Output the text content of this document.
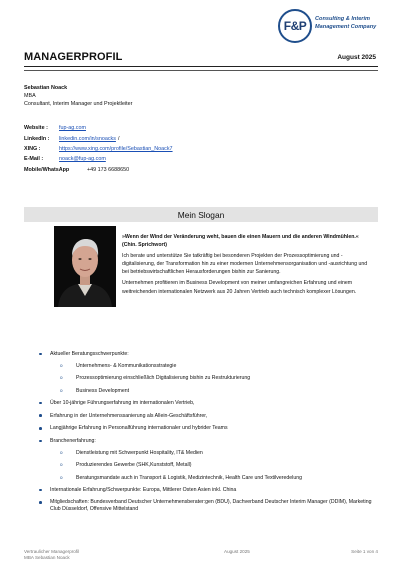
F&P Consulting & Interim
Management Company
MANAGERPROFIL	August 2025
Sebastian Noack
MBA
Consultant, Interim Manager und Projektleiter
Website :	fup-ag.com
LinkedIn :	linkedin.com/in/snoacks /
XING :	https://www.xing.com/profile/Sebastian_Noack7
E-Mail :	noack@fup-ag.com
Mobile/WhatsApp	+49 173 6688650
Mein Slogan

»Wenn der Wind der Veränderung weht, bauen die einen Mauern und die anderen Windmühlen.« (Chin. Sprichwort)

Ich berate und unterstütze Sie tatkräftig bei besonderen Projekten der Prozessoptimierung und -digitalisierung, der Transformation hin zu einer modernen Unternehmensorganisation und -ausrichtung und bei betriebswirtschaftlichen Herausforderungen bishin zur Sanierung.

Unternehmen profitieren im Business Development von meiner umfangreichen Erfahrung und einem weitreichenden internationalen Netzwerk aus 20 Jahren Vertrieb auch technisch komplexer Lösungen.

Aktueller Beratungsschwerpunkte:
o Unternehmens- & Kommunikationsstrategie
o Prozessoptimierung einschließlich Digitalisierung bishin zu Restrukturierung
o Business Development
Über 10-jährige Führungserfahrung im internationalen Vertrieb,
Erfahrung in der Unternehmenssanierung als Allein-Geschäftsführer,
Langjährige Erfahrung in Personalführung internationaler und hybrider Teams
Branchenerfahrung:
o Dienstleistung mit Schwerpunkt Hospitality, IT& Medien
o Produzierendes Gewerbe (SHK,Kunststoff, Metall)
o Beratungsmandate auch in Transport & Logistik, Medizintechnik, Health Care und Textilveredelung
Internationale Erfahrung/Schwerpunkte: Europa, Mittlerer Osten Asien inkl. China
Mitgliedschaften: Bundesverband Deutscher Unternehmensberater:gen (BDU), Dachverband Deutscher Interim Manager (DDIM), Marketing Club Düsseldorf, Offensive Mittelstand
Vertraulicher Managerprofil
MBA Sebastian Noack
August 2025	Seite 1 von 4
